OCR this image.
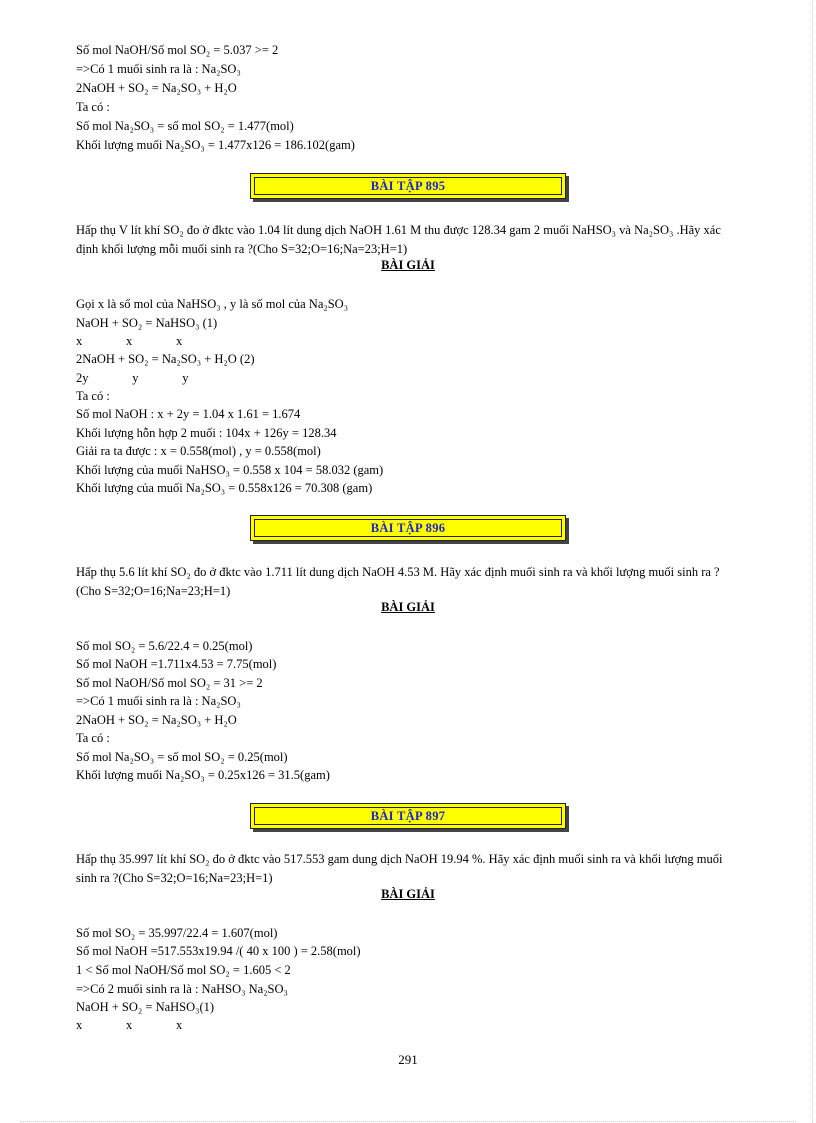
Số mol NaOH/Số mol SO₂ = 5.037 >= 2
=>Có 1 muối sinh ra là : Na₂SO₃
2NaOH + SO₂ = Na₂SO₃ + H₂O
Ta có :
Số mol Na₂SO₃ = số mol SO₂ = 1.477(mol)
Khối lượng muối Na₂SO₃ = 1.477x126 = 186.102(gam)
BÀI TẬP 895
Hấp thụ V lít khí SO₂ đo ở đktc vào 1.04 lít dung dịch NaOH 1.61 M thu được 128.34 gam 2 muối NaHSO₃ và Na₂SO₃ .Hãy xác định khối lượng mỗi muối sinh ra ?(Cho S=32;O=16;Na=23;H=1)
BÀI GIẢI
Gọi x là số mol của NaHSO₃ , y là số mol của Na₂SO₃
NaOH + SO₂ = NaHSO₃ (1)
x              x              x
2NaOH + SO₂ = Na₂SO₃ + H₂O (2)
2y              y              y
Ta có :
Số mol NaOH : x + 2y = 1.04 x 1.61 = 1.674
Khối lượng hỗn hợp 2 muối : 104x + 126y = 128.34
Giải ra ta được : x = 0.558(mol) , y = 0.558(mol)
Khối lượng của muối NaHSO₃ = 0.558 x 104 = 58.032 (gam)
Khối lượng của muối Na₂SO₃ = 0.558x126 = 70.308 (gam)
BÀI TẬP 896
Hấp thụ 5.6 lít khí SO₂ đo ở đktc vào 1.711 lít dung dịch NaOH 4.53 M. Hãy xác định muối sinh ra và khối lượng muối sinh ra ?(Cho S=32;O=16;Na=23;H=1)
BÀI GIẢI
Số mol SO₂ = 5.6/22.4 = 0.25(mol)
Số mol NaOH =1.711x4.53 = 7.75(mol)
Số mol NaOH/Số mol SO₂ = 31 >= 2
=>Có 1 muối sinh ra là : Na₂SO₃
2NaOH + SO₂ = Na₂SO₃ + H₂O
Ta có :
Số mol Na₂SO₃ = số mol SO₂ = 0.25(mol)
Khối lượng muối Na₂SO₃ = 0.25x126 = 31.5(gam)
BÀI TẬP 897
Hấp thụ 35.997 lít khí SO₂ đo ở đktc vào 517.553 gam dung dịch NaOH 19.94 %. Hãy xác định muối sinh ra và khối lượng muối sinh ra ?(Cho S=32;O=16;Na=23;H=1)
BÀI GIẢI
Số mol SO₂ = 35.997/22.4 = 1.607(mol)
Số mol NaOH =517.553x19.94 /( 40 x 100 ) = 2.58(mol)
1 < Số mol NaOH/Số mol SO₂ = 1.605 < 2
=>Có 2 muối sinh ra là : NaHSO₃ Na₂SO₃
NaOH + SO₂ = NaHSO₃(1)
x              x              x
291
